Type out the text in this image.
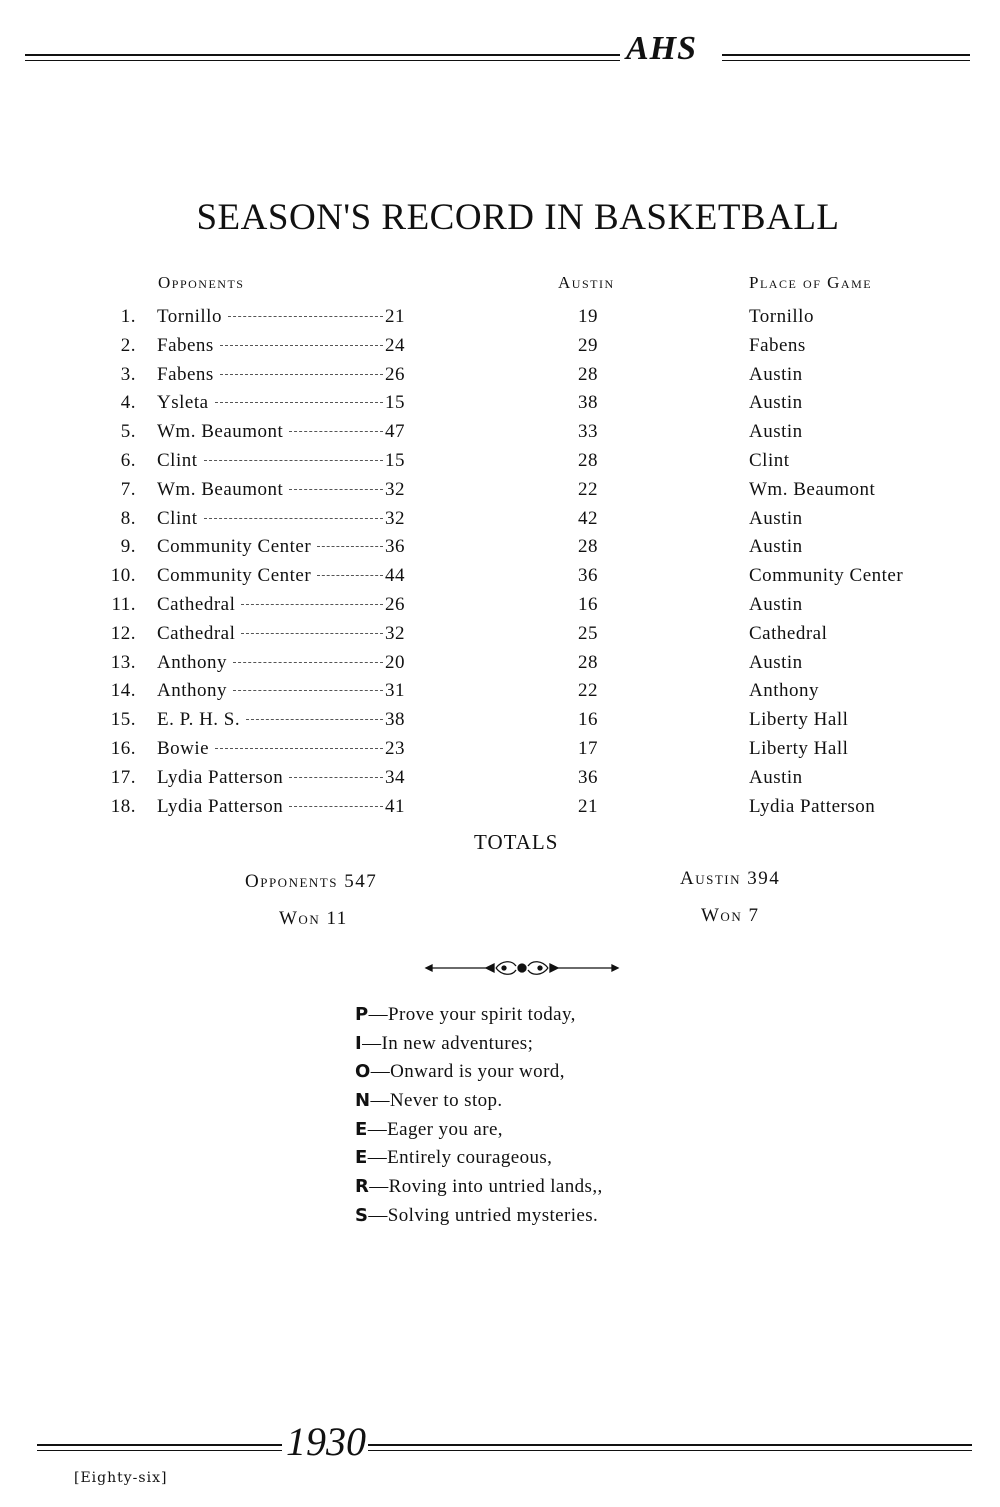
AHS
SEASON'S RECORD IN BASKETBALL
Opponents	Austin	Place of Game
1. Tornillo	21	19	Tornillo
2. Fabens	24	29	Fabens
3. Fabens	26	28	Austin
4. Ysleta	15	38	Austin
5. Wm. Beaumont	47	33	Austin
6. Clint	15	28	Clint
7. Wm. Beaumont	32	22	Wm. Beaumont
8. Clint	32	42	Austin
9. Community Center	36	28	Austin
10. Community Center	44	36	Community Center
11. Cathedral	26	16	Austin
12. Cathedral	32	25	Cathedral
13. Anthony	20	28	Austin
14. Anthony	31	22	Anthony
15. E. P. H. S.	38	16	Liberty Hall
16. Bowie	23	17	Liberty Hall
17. Lydia Patterson	34	36	Austin
18. Lydia Patterson	41	21	Lydia Patterson
TOTALS
Opponents 547
Won 11
Austin 394
Won 7
P—Prove your spirit today,
I—In new adventures;
O—Onward is your word,
N—Never to stop.
E—Eager you are,
E—Entirely courageous,
R—Roving into untried lands,,
S—Solving untried mysteries.
1930
[Eighty-six]
